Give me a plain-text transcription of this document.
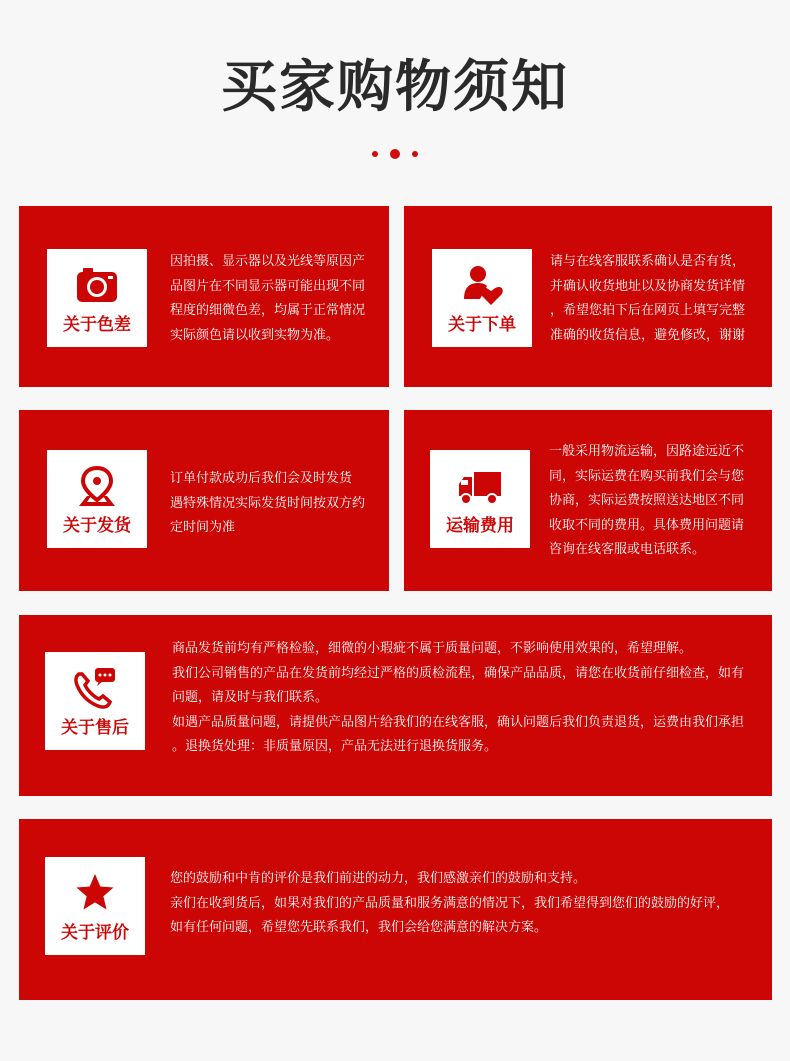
买家购物须知
关于色差

因拍摄、显示器以及光线等原因产

品图片在不同显示器可能出现不同

程度的细微色差，均属于正常情况

实际颜色请以收到实物为准。	关于下单

请与在线客服联系确认是否有货，

并确认收货地址以及协商发货详情

，希望您拍下后在网页上填写完整

准确的收货信息，避免修改，谢谢

关于发货

订单付款成功后我们会及时发货

遇特殊情况实际发货时间按双方约

定时间为准	运输费用

一般采用物流运输，因路途远近不

同，实际运费在购买前我们会与您

协商，实际运费按照送达地区不同

收取不同的费用。具体费用问题请

咨询在线客服或电话联系。

关于售后

商品发货前均有严格检验，细微的小瑕疵不属于质量问题，不影响使用效果的，希望理解。

我们公司销售的产品在发货前均经过严格的质检流程，确保产品品质，请您在收货前仔细检查，如有

问题，请及时与我们联系。

如遇产品质量问题，请提供产品图片给我们的在线客服，确认问题后我们负责退货，运费由我们承担

。退换货处理：非质量原因，产品无法进行退换货服务。

关于评价

您的鼓励和中肯的评价是我们前进的动力，我们感激亲们的鼓励和支持。

亲们在收到货后，如果对我们的产品质量和服务满意的情况下，我们希望得到您们的鼓励的好评，

如有任何问题，希望您先联系我们，我们会给您满意的解决方案。
